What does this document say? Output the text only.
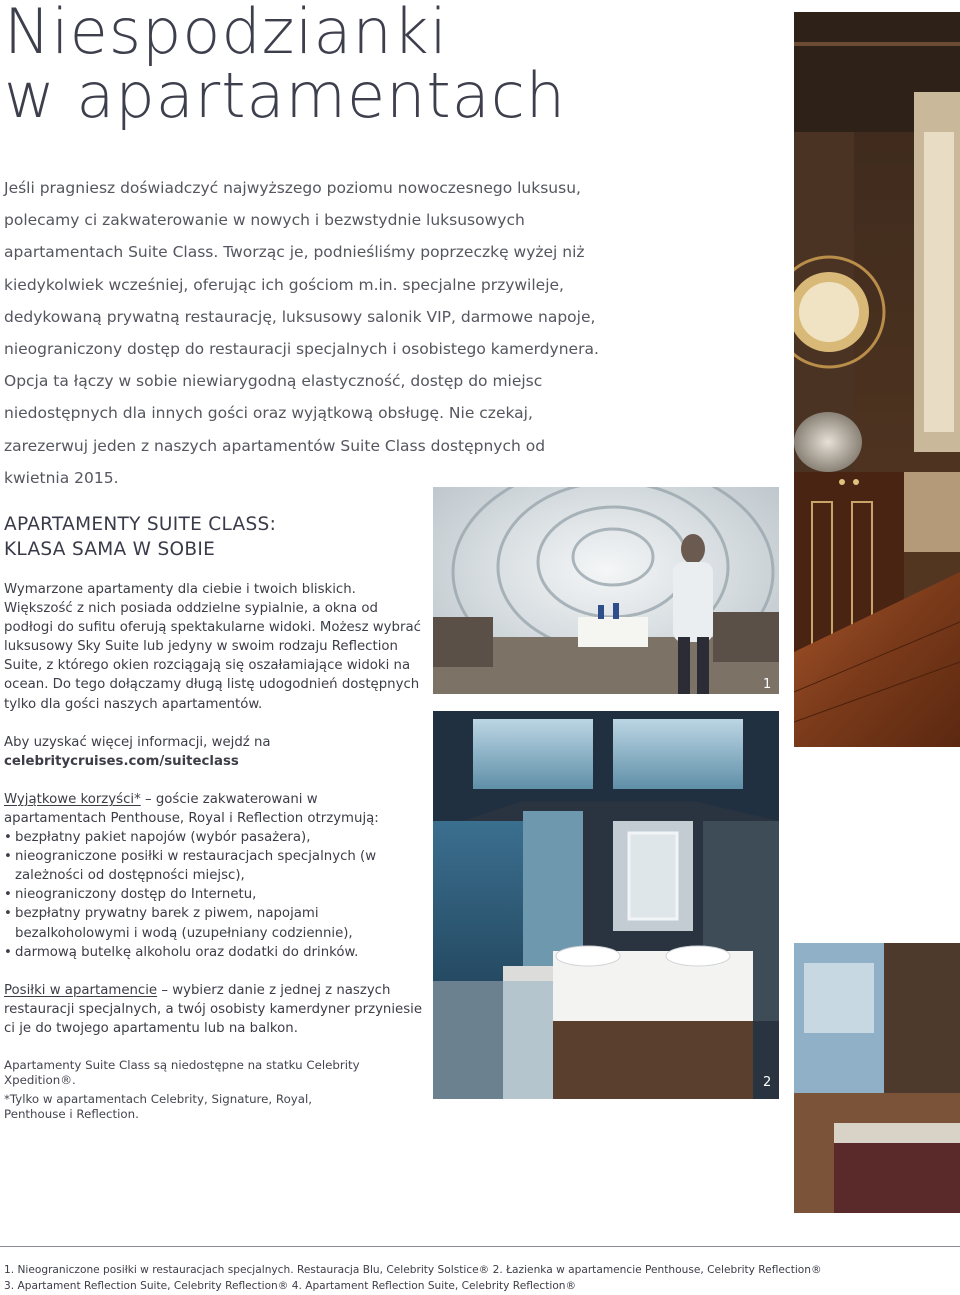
Niespodzianki
w apartamentach

Jeśli pragniesz doświadczyć najwyższego poziomu nowoczesnego luksusu, polecamy ci zakwaterowanie w nowych i bezwstydnie luksusowych apartamentach Suite Class. Tworząc je, podnieśliśmy poprzeczkę wyżej niż kiedykolwiek wcześniej, oferując ich gościom m.in. specjalne przywileje, dedykowaną prywatną restaurację, luksusowy salonik VIP, darmowe napoje, nieograniczony dostęp do restauracji specjalnych i osobistego kamerdynera. Opcja ta łączy w sobie niewiarygodną elastyczność, dostęp do miejsc niedostępnych dla innych gości oraz wyjątkową obsługę. Nie czekaj, zarezerwuj jeden z naszych apartamentów Suite Class dostępnych od kwietnia 2015.

1
2

APARTAMENTY SUITE CLASS:

KLASA SAMA W SOBIE

Wymarzone apartamenty dla ciebie i twoich bliskich.

Większość z nich posiada oddzielne sypialnie, a okna od podłogi do sufitu oferują spektakularne widoki. Możesz wybrać luksusowy Sky Suite lub jedyny w swoim rodzaju Reflection Suite, z którego okien rozciągają się oszałamiające widoki na ocean. Do tego dołączamy długą listę udogodnień dostępnych tylko dla gości naszych apartamentów.

Aby uzyskać więcej informacji, wejdź na
celebritycruises.com/suiteclass

Wyjątkowe korzyści* – goście zakwaterowani w apartamentach Penthouse, Royal i Reflection otrzymują:

• bezpłatny pakiet napojów (wybór pasażera),
• nieograniczone posiłki w restauracjach specjalnych (w zależności od dostępności miejsc),
• nieograniczony dostęp do Internetu,
• bezpłatny prywatny barek z piwem, napojami bezalkoholowymi i wodą (uzupełniany codziennie),
• darmową butelkę alkoholu oraz dodatki do drinków.

Posiłki w apartamencie – wybierz danie z jednej z naszych restauracji specjalnych, a twój osobisty kamerdyner przyniesie ci je do twojego apartamentu lub na balkon.

Apartamenty Suite Class są niedostępne na statku Celebrity Xpedition®.

*Tylko w apartamentach Celebrity, Signature, Royal, Penthouse i Reflection.

1. Nieograniczone posiłki w restauracjach specjalnych. Restauracja Blu, Celebrity Solstice® 2. Łazienka w apartamencie Penthouse, Celebrity Reflection®
3. Apartament Reflection Suite, Celebrity Reflection® 4. Apartament Reflection Suite, Celebrity Reflection®
